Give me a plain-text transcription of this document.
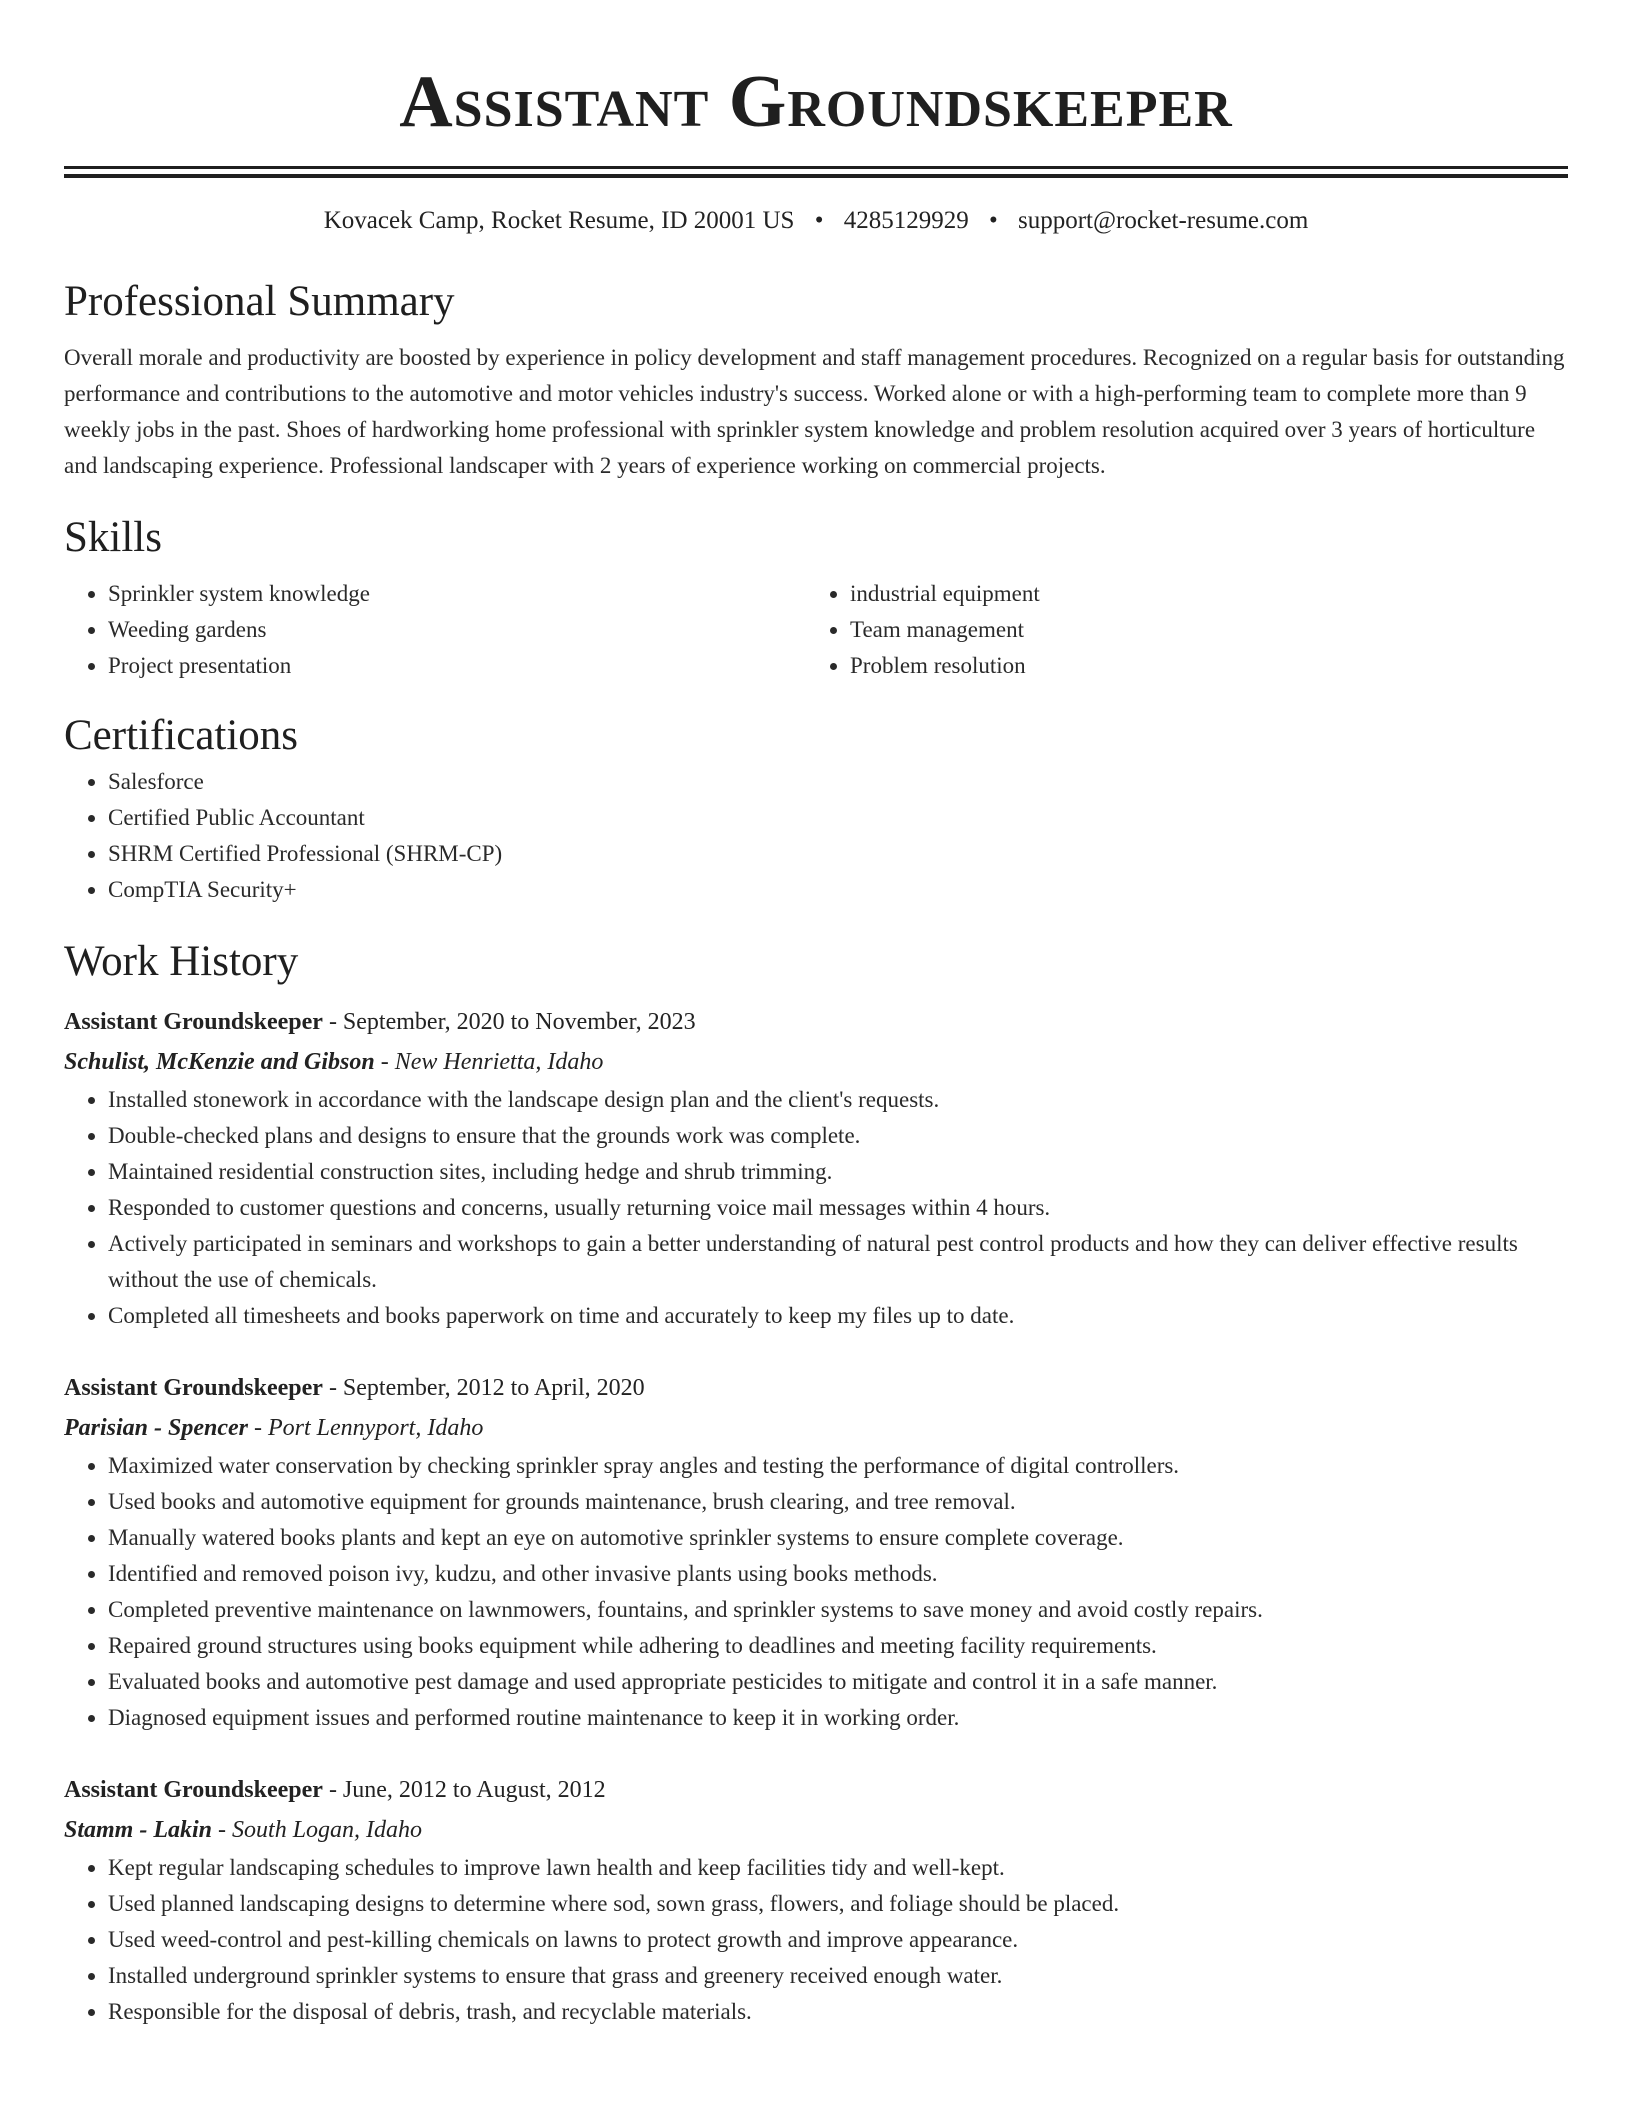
Assistant Groundskeeper
Kovacek Camp, Rocket Resume, ID 20001 US • 4285129929 • support@rocket-resume.com
Professional Summary
Overall morale and productivity are boosted by experience in policy development and staff management procedures. Recognized on a regular basis for outstanding performance and contributions to the automotive and motor vehicles industry's success. Worked alone or with a high-performing team to complete more than 9 weekly jobs in the past. Shoes of hardworking home professional with sprinkler system knowledge and problem resolution acquired over 3 years of horticulture and landscaping experience. Professional landscaper with 2 years of experience working on commercial projects.
Skills
• Sprinkler system knowledge
• Weeding gardens
• Project presentation
• industrial equipment
• Team management
• Problem resolution
Certifications
• Salesforce
• Certified Public Accountant
• SHRM Certified Professional (SHRM-CP)
• CompTIA Security+
Work History
Assistant Groundskeeper - September, 2020 to November, 2023
Schulist, McKenzie and Gibson - New Henrietta, Idaho
• Installed stonework in accordance with the landscape design plan and the client's requests.
• Double-checked plans and designs to ensure that the grounds work was complete.
• Maintained residential construction sites, including hedge and shrub trimming.
• Responded to customer questions and concerns, usually returning voice mail messages within 4 hours.
• Actively participated in seminars and workshops to gain a better understanding of natural pest control products and how they can deliver effective results without the use of chemicals.
• Completed all timesheets and books paperwork on time and accurately to keep my files up to date.
Assistant Groundskeeper - September, 2012 to April, 2020
Parisian - Spencer - Port Lennyport, Idaho
• Maximized water conservation by checking sprinkler spray angles and testing the performance of digital controllers.
• Used books and automotive equipment for grounds maintenance, brush clearing, and tree removal.
• Manually watered books plants and kept an eye on automotive sprinkler systems to ensure complete coverage.
• Identified and removed poison ivy, kudzu, and other invasive plants using books methods.
• Completed preventive maintenance on lawnmowers, fountains, and sprinkler systems to save money and avoid costly repairs.
• Repaired ground structures using books equipment while adhering to deadlines and meeting facility requirements.
• Evaluated books and automotive pest damage and used appropriate pesticides to mitigate and control it in a safe manner.
• Diagnosed equipment issues and performed routine maintenance to keep it in working order.
Assistant Groundskeeper - June, 2012 to August, 2012
Stamm - Lakin - South Logan, Idaho
• Kept regular landscaping schedules to improve lawn health and keep facilities tidy and well-kept.
• Used planned landscaping designs to determine where sod, sown grass, flowers, and foliage should be placed.
• Used weed-control and pest-killing chemicals on lawns to protect growth and improve appearance.
• Installed underground sprinkler systems to ensure that grass and greenery received enough water.
• Responsible for the disposal of debris, trash, and recyclable materials.
